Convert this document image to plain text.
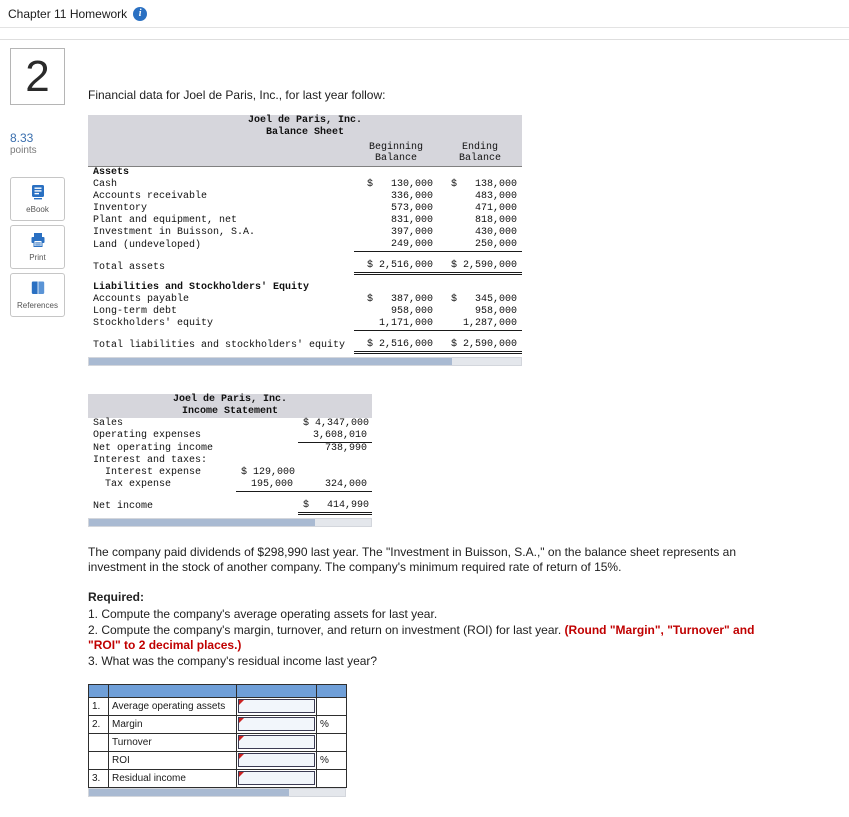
Chapter 11 Homework	i
2
8.33
points
eBook
Print
References

Financial data for Joel de Paris, Inc., for last year follow:

Joel de Paris, Inc.		
Balance Sheet		
	Beginning Balance	Ending Balance
Assets		
Cash	$   130,000	$   138,000
Accounts receivable	336,000	483,000
Inventory	573,000	471,000
Plant and equipment, net	831,000	818,000
Investment in Buisson, S.A.	397,000	430,000
Land (undeveloped)	249,000	250,000
Total assets	$ 2,516,000	$ 2,590,000
Liabilities and Stockholders' Equity		
Accounts payable	$   387,000	$   345,000
Long-term debt	958,000	958,000
Stockholders' equity	1,171,000	1,287,000
Total liabilities and stockholders' equity	$ 2,516,000	$ 2,590,000
Joel de Paris, Inc.		
Income Statement		
Sales		$ 4,347,000
Operating expenses		3,608,010
Net operating income		738,990
Interest and taxes:		
Interest expense	$ 129,000	
Tax expense	195,000	324,000
Net income		$   414,990

The company paid dividends of $298,990 last year. The "Investment in Buisson, S.A.," on the balance sheet represents an investment in the stock of another company. The company's minimum required rate of return of 15%.

Required:

1. Compute the company's average operating assets for last year.

2. Compute the company's margin, turnover, and return on investment (ROI) for last year. (Round "Margin", "Turnover" and "ROI" to 2 decimal places.)

3. What was the company's residual income last year?

1.	Average operating assets	

2.	Margin		%
	Turnover	

	ROI		%
3.	Residual income	
